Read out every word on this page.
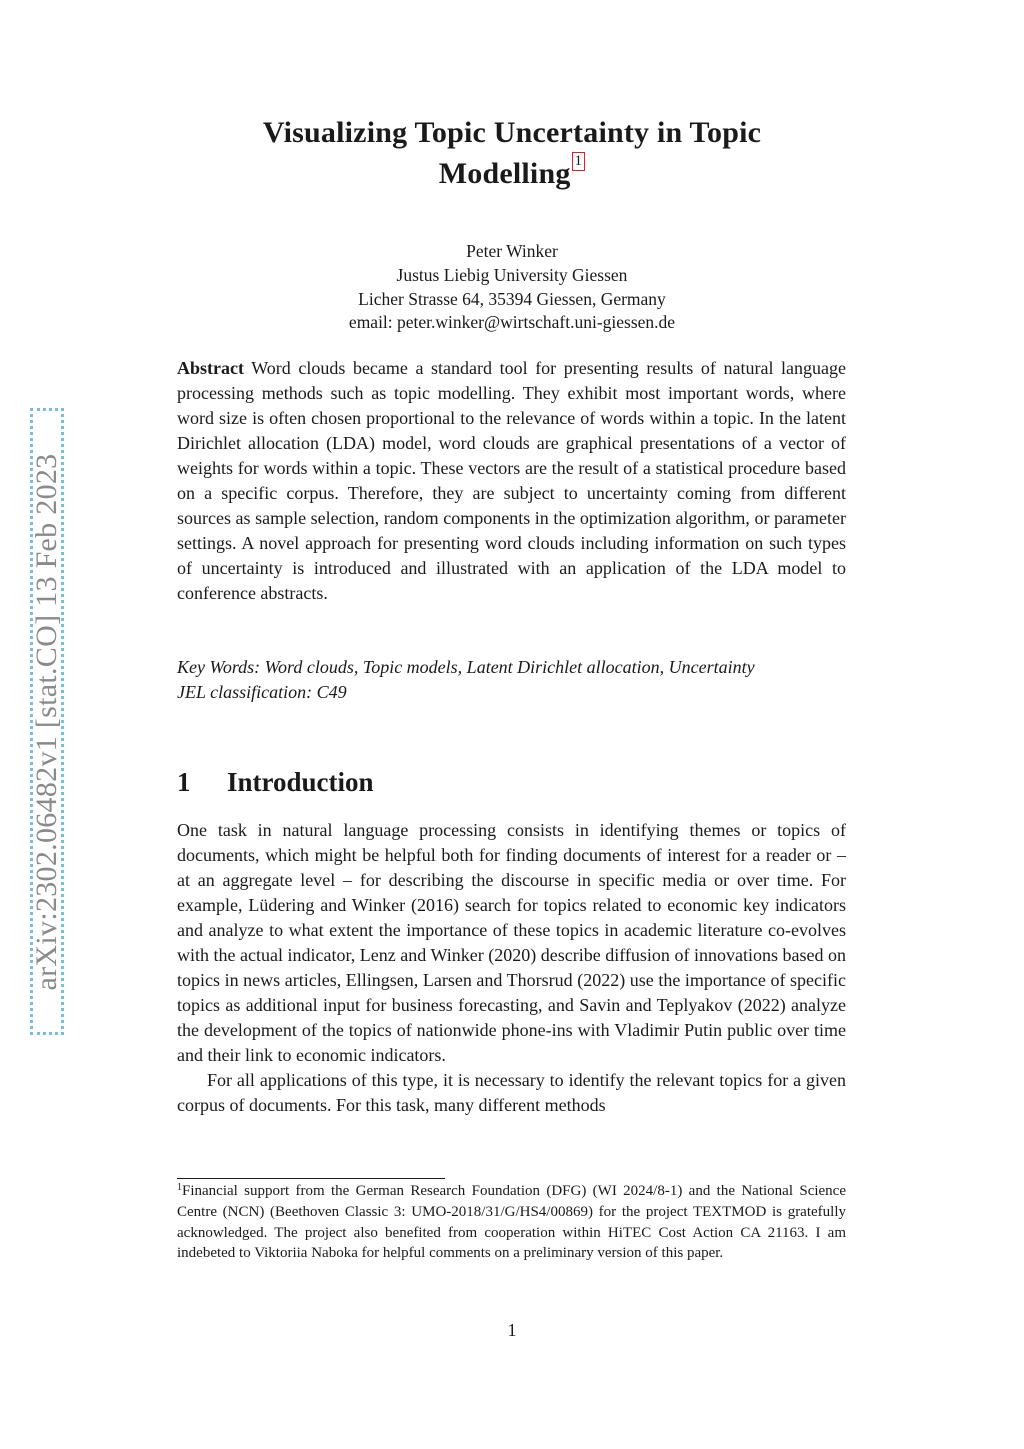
arXiv:2302.06482v1 [stat.CO] 13 Feb 2023
Visualizing Topic Uncertainty in Topic
Modelling 1
Peter Winker
Justus Liebig University Giessen
Licher Strasse 64, 35394 Giessen, Germany
email: peter.winker@wirtschaft.uni-giessen.de
Abstract Word clouds became a standard tool for presenting results of natural language processing methods such as topic modelling. They exhibit most important words, where word size is often chosen proportional to the relevance of words within a topic. In the latent Dirichlet allocation (LDA) model, word clouds are graphical presentations of a vector of weights for words within a topic. These vectors are the result of a statistical procedure based on a specific corpus. Therefore, they are subject to uncertainty coming from different sources as sample selection, random components in the optimization algorithm, or parameter settings. A novel approach for presenting word clouds including information on such types of uncertainty is introduced and illustrated with an application of the LDA model to conference abstracts.
Key Words: Word clouds, Topic models, Latent Dirichlet allocation, Uncertainty
JEL classification: C49
1 Introduction

One task in natural language processing consists in identifying themes or topics of documents, which might be helpful both for finding documents of interest for a reader or – at an aggregate level – for describing the discourse in specific media or over time. For example, Lüdering and Winker (2016) search for topics related to economic key indicators and analyze to what extent the importance of these topics in academic literature co-evolves with the actual indicator, Lenz and Winker (2020) describe diffusion of innovations based on topics in news articles, Ellingsen, Larsen and Thorsrud (2022) use the importance of specific topics as additional input for business forecasting, and Savin and Teplyakov (2022) analyze the development of the topics of nationwide phone-ins with Vladimir Putin public over time and their link to economic indicators.

For all applications of this type, it is necessary to identify the relevant topics for a given corpus of documents. For this task, many different methods

$^1$Financial support from the German Research Foundation (DFG) (WI 2024/8-1) and the National Science Centre (NCN) (Beethoven Classic 3: UMO-2018/31/G/HS4/00869) for the project TEXTMOD is gratefully acknowledged. The project also benefited from cooperation within HiTEC Cost Action CA 21163. I am indebeted to Viktoriia Naboka for helpful comments on a preliminary version of this paper.
1
